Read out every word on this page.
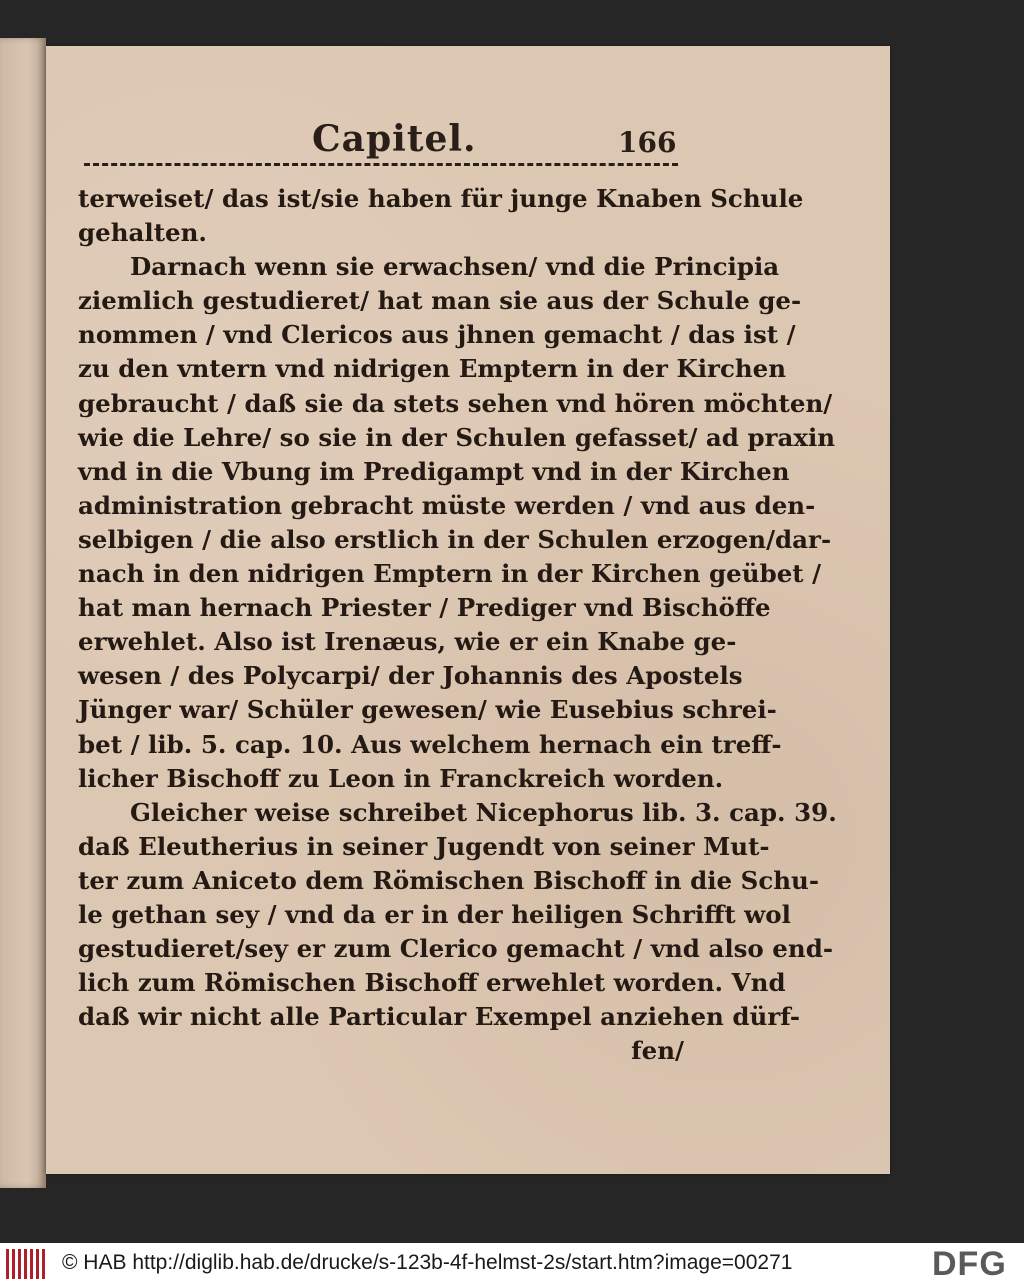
Capitel.	166
terweiset/ das ist/sie haben für junge Knaben Schule
gehalten.
Darnach wenn sie erwachsen/ vnd die Principia
ziemlich gestudieret/ hat man sie aus der Schule ge-
nommen / vnd Clericos aus jhnen gemacht / das ist /
zu den vntern vnd nidrigen Emptern in der Kirchen
gebraucht / daß sie da stets sehen vnd hören möchten/
wie die Lehre/ so sie in der Schulen gefasset/ ad praxin
vnd in die Vbung im Predigampt vnd in der Kirchen
administration gebracht müste werden / vnd aus den-
selbigen / die also erstlich in der Schulen erzogen/dar-
nach in den nidrigen Emptern in der Kirchen geübet /
hat man hernach Priester / Prediger vnd Bischöffe
erwehlet. Also ist Irenæus, wie er ein Knabe ge-
wesen / des Polycarpi/ der Johannis des Apostels
Jünger war/ Schüler gewesen/ wie Eusebius schrei-
bet / lib. 5. cap. 10. Aus welchem hernach ein treff-
licher Bischoff zu Leon in Franckreich worden.
Gleicher weise schreibet Nicephorus lib. 3. cap. 39.
daß Eleutherius in seiner Jugendt von seiner Mut-
ter zum Aniceto dem Römischen Bischoff in die Schu-
le gethan sey / vnd da er in der heiligen Schrifft wol
gestudieret/sey er zum Clerico gemacht / vnd also end-
lich zum Römischen Bischoff erwehlet worden. Vnd
daß wir nicht alle Particular Exempel anziehen dürf-
fen/
© HAB http://diglib.hab.de/drucke/s-123b-4f-helmst-2s/start.htm?image=00271	DFG
